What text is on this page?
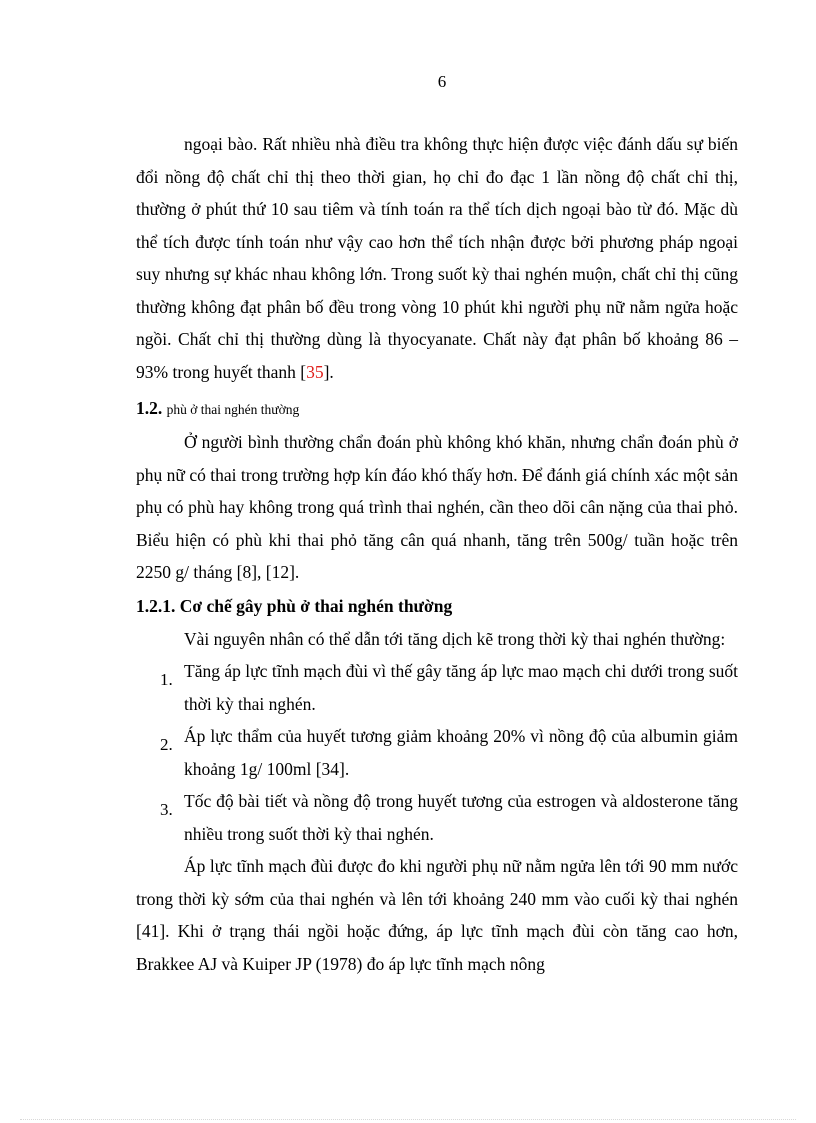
6

ngoại bào. Rất nhiều nhà điều tra không thực hiện được việc đánh dấu sự biến đổi nồng độ chất chỉ thị theo thời gian, họ chỉ đo đạc 1 lần nồng độ chất chỉ thị, thường ở phút thứ 10 sau tiêm và tính toán ra thể tích dịch ngoại bào từ đó. Mặc dù thể tích được tính toán như vậy cao hơn thể tích nhận được bởi phương pháp ngoại suy nhưng sự khác nhau không lớn. Trong suốt kỳ thai nghén muộn, chất chỉ thị cũng thường không đạt phân bố đều trong vòng 10 phút khi người phụ nữ nằm ngửa hoặc ngồi. Chất chỉ thị thường dùng là thyocyanate. Chất này đạt phân bố khoảng 86 – 93% trong huyết thanh [35].

1.2. phù ở thai nghén thường

Ở người bình thường chẩn đoán phù không khó khăn, nhưng chẩn đoán phù ở phụ nữ có thai trong trường hợp kín đáo khó thấy hơn. Để đánh giá chính xác một sản phụ có phù hay không trong quá trình thai nghén, cần theo dõi cân nặng của thai phỏ. Biểu hiện có phù khi thai phỏ tăng cân quá nhanh, tăng trên 500g/ tuần hoặc trên 2250 g/ tháng [8], [12].

1.2.1. Cơ chế gây phù ở thai nghén thường

Vài nguyên nhân có thể dẫn tới tăng dịch kẽ trong thời kỳ thai nghén thường:

1. Tăng áp lực tĩnh mạch đùi vì thế gây tăng áp lực mao mạch chi dưới trong suốt thời kỳ thai nghén.
2. Áp lực thẩm của huyết tương giảm khoảng 20% vì nồng độ của albumin giảm khoảng 1g/ 100ml [34].
3. Tốc độ bài tiết và nồng độ trong huyết tương của estrogen và aldosterone tăng nhiều trong suốt thời kỳ thai nghén.

Áp lực tĩnh mạch đùi được đo khi người phụ nữ nằm ngửa lên tới 90 mm nước trong thời kỳ sớm của thai nghén và lên tới khoảng 240 mm vào cuối kỳ thai nghén [41]. Khi ở trạng thái ngồi hoặc đứng, áp lực tĩnh mạch đùi còn tăng cao hơn, Brakkee AJ và Kuiper JP (1978) đo áp lực tĩnh mạch nông
